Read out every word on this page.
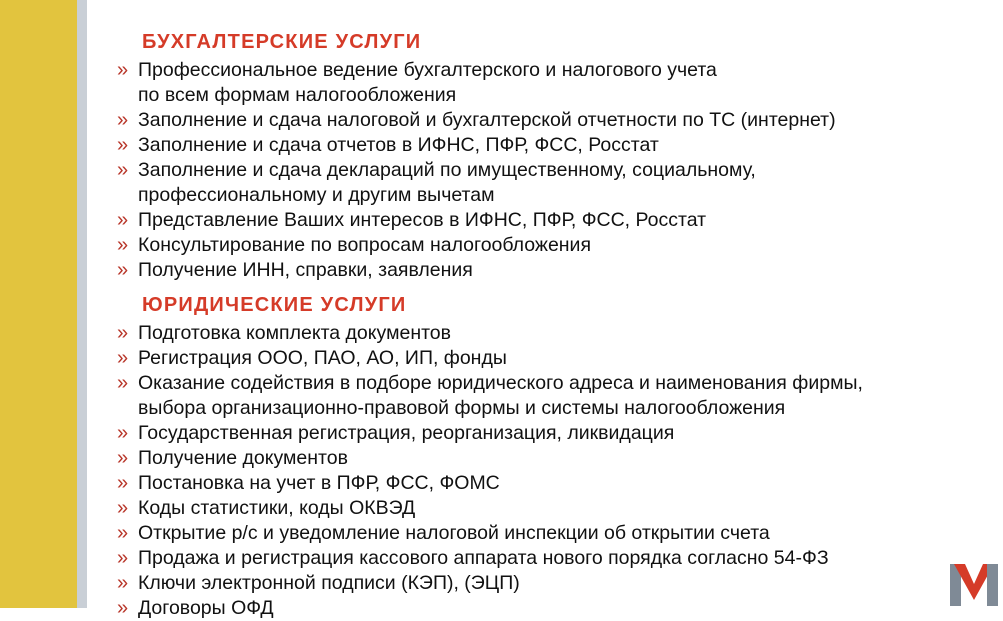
БУХГАЛТЕРСКИЕ УСЛУГИ
» Профессиональное ведение бухгалтерского и налогового учета
по всем формам налогообложения
» Заполнение и сдача налоговой и бухгалтерской отчетности по ТС (интернет)
» Заполнение и сдача отчетов в ИФНС, ПФР, ФСС, Росстат
» Заполнение и сдача деклараций по имущественному, социальному,
профессиональному и другим вычетам
» Представление Ваших интересов в ИФНС, ПФР, ФСС, Росстат
» Консультирование по вопросам налогообложения
» Получение ИНН, справки, заявления
ЮРИДИЧЕСКИЕ УСЛУГИ
» Подготовка комплекта документов
» Регистрация ООО, ПАО, АО, ИП, фонды
» Оказание содействия в подборе юридического адреса и наименования фирмы,
выбора организационно-правовой формы и системы налогообложения
» Государственная регистрация, реорганизация, ликвидация
» Получение документов
» Постановка на учет в ПФР, ФСС, ФОМС
» Коды статистики, коды ОКВЭД
» Открытие р/с и уведомление налоговой инспекции об открытии счета
» Продажа и регистрация кассового аппарата нового порядка согласно 54-ФЗ
» Ключи электронной подписи (КЭП), (ЭЦП)
» Договоры ОФД
